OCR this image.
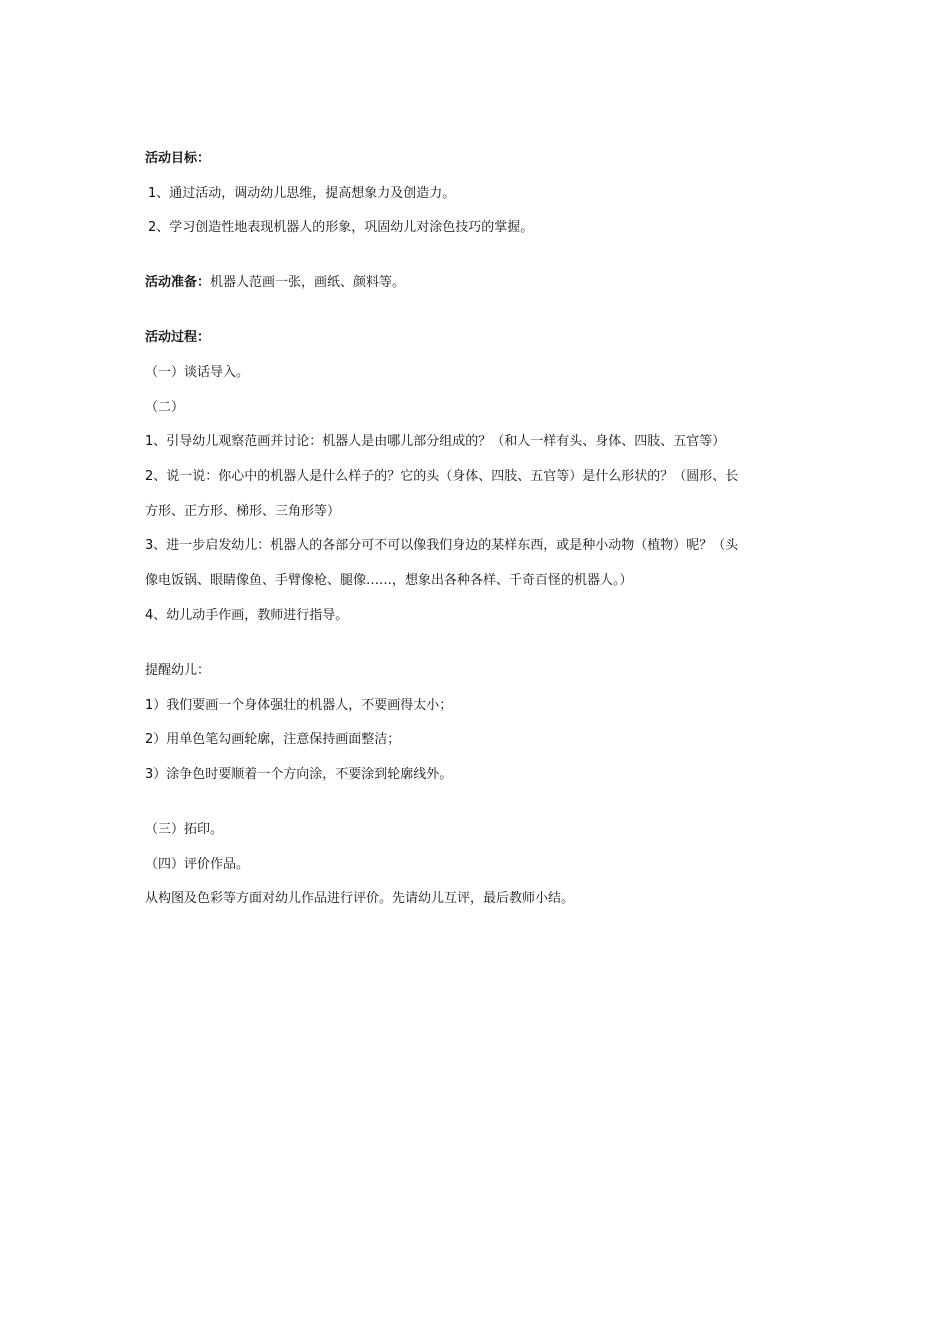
活动目标：
1、通过活动，调动幼儿思维，提高想象力及创造力。
2、学习创造性地表现机器人的形象，巩固幼儿对涂色技巧的掌握。
活动准备：机器人范画一张，画纸、颜料等。
活动过程：
（一）谈话导入。
（二）
1、引导幼儿观察范画并讨论：机器人是由哪儿部分组成的？（和人一样有头、身体、四肢、五官等）
2、说一说：你心中的机器人是什么样子的？它的头（身体、四肢、五官等）是什么形状的？（圆形、长
方形、正方形、梯形、三角形等）
3、进一步启发幼儿：机器人的各部分可不可以像我们身边的某样东西，或是种小动物（植物）呢？（头
像电饭锅、眼睛像鱼、手臂像枪、腿像……，想象出各种各样、千奇百怪的机器人。）
4、幼儿动手作画，教师进行指导。
提醒幼儿：
1）我们要画一个身体强壮的机器人，不要画得太小；
2）用单色笔勾画轮廓，注意保持画面整洁；
3）涂争色时要顺着一个方向涂，不要涂到轮廓线外。
（三）拓印。
（四）评价作品。
从构图及色彩等方面对幼儿作品进行评价。先请幼儿互评，最后教师小结。
